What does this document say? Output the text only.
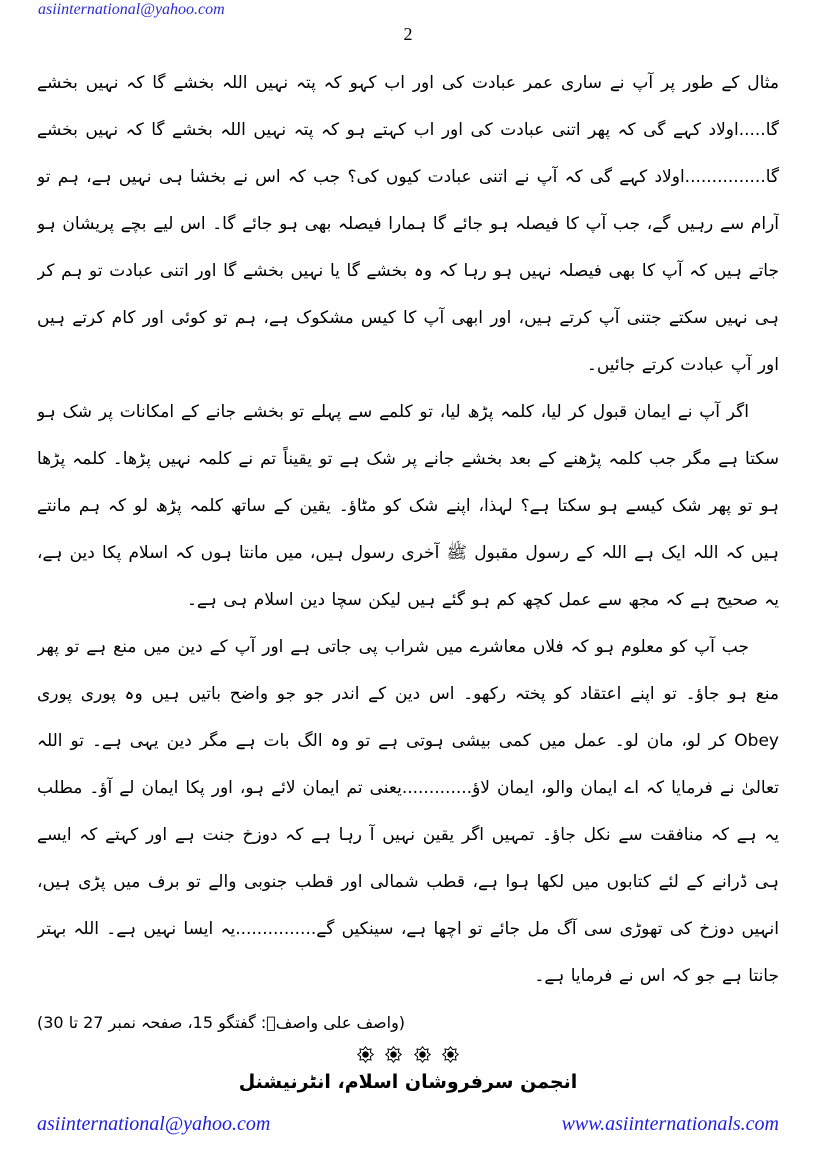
asiinternational@yahoo.com
2

مثال کے طور پر آپ نے ساری عمر عبادت کی اور اب کہو کہ پتہ نہیں اللہ بخشے گا کہ نہیں بخشے گا.....اولاد کہے گی کہ پھر اتنی عبادت کی اور اب کہتے ہو کہ پتہ نہیں اللہ بخشے گا کہ نہیں بخشے گا...............اولاد کہے گی کہ آپ نے اتنی عبادت کیوں کی؟ جب کہ اس نے بخشا ہی نہیں ہے، ہم تو آرام سے رہیں گے، جب آپ کا فیصلہ ہو جائے گا ہمارا فیصلہ بھی ہو جائے گا۔ اس لیے بچے پریشان ہو جاتے ہیں کہ آپ کا بھی فیصلہ نہیں ہو رہا کہ وہ بخشے گا یا نہیں بخشے گا اور اتنی عبادت تو ہم کر ہی نہیں سکتے جتنی آپ کرتے ہیں، اور ابھی آپ کا کیس مشکوک ہے، ہم تو کوئی اور کام کرتے ہیں اور آپ عبادت کرتے جائیں۔

اگر آپ نے ایمان قبول کر لیا، کلمہ پڑھ لیا، تو کلمے سے پہلے تو بخشے جانے کے امکانات پر شک ہو سکتا ہے مگر جب کلمہ پڑھنے کے بعد بخشے جانے پر شک ہے تو یقیناً تم نے کلمہ نہیں پڑھا۔ کلمہ پڑھا ہو تو پھر شک کیسے ہو سکتا ہے؟ لہذا، اپنے شک کو مٹاؤ۔ یقین کے ساتھ کلمہ پڑھ لو کہ ہم مانتے ہیں کہ اللہ ایک ہے اللہ کے رسول مقبول ﷺ آخری رسول ہیں، میں مانتا ہوں کہ اسلام پکا دین ہے، یہ صحیح ہے کہ مجھ سے عمل کچھ کم ہو گئے ہیں لیکن سچا دین اسلام ہی ہے۔

جب آپ کو معلوم ہو کہ فلاں معاشرے میں شراب پی جاتی ہے اور آپ کے دین میں منع ہے تو پھر منع ہو جاؤ۔ تو اپنے اعتقاد کو پختہ رکھو۔ اس دین کے اندر جو جو واضح باتیں ہیں وہ پوری پوری Obey کر لو، مان لو۔ عمل میں کمی بیشی ہوتی ہے تو وہ الگ بات ہے مگر دین یہی ہے۔ تو اللہ تعالیٰ نے فرمایا کہ اے ایمان والو، ایمان لاؤ.............یعنی تم ایمان لائے ہو، اور پکا ایمان لے آؤ۔ مطلب یہ ہے کہ منافقت سے نکل جاؤ۔ تمہیں اگر یقین نہیں آ رہا ہے کہ دوزخ جنت ہے اور کہتے کہ ایسے ہی ڈرانے کے لئے کتابوں میں لکھا ہوا ہے، قطب شمالی اور قطب جنوبی والے تو برف میں پڑی ہیں، انہیں دوزخ کی تھوڑی سی آگ مل جائے تو اچھا ہے، سینکیں گے...............یہ ایسا نہیں ہے۔ اللہ بہتر جانتا ہے جو کہ اس نے فرمایا ہے۔

(واصف علی واصفؒ: گفتگو 15، صفحہ نمبر 27 تا 30)

انجمن سرفروشان اسلام، انٹرنیشنل
asiinternational@yahoo.com	www.asiinternationals.com
